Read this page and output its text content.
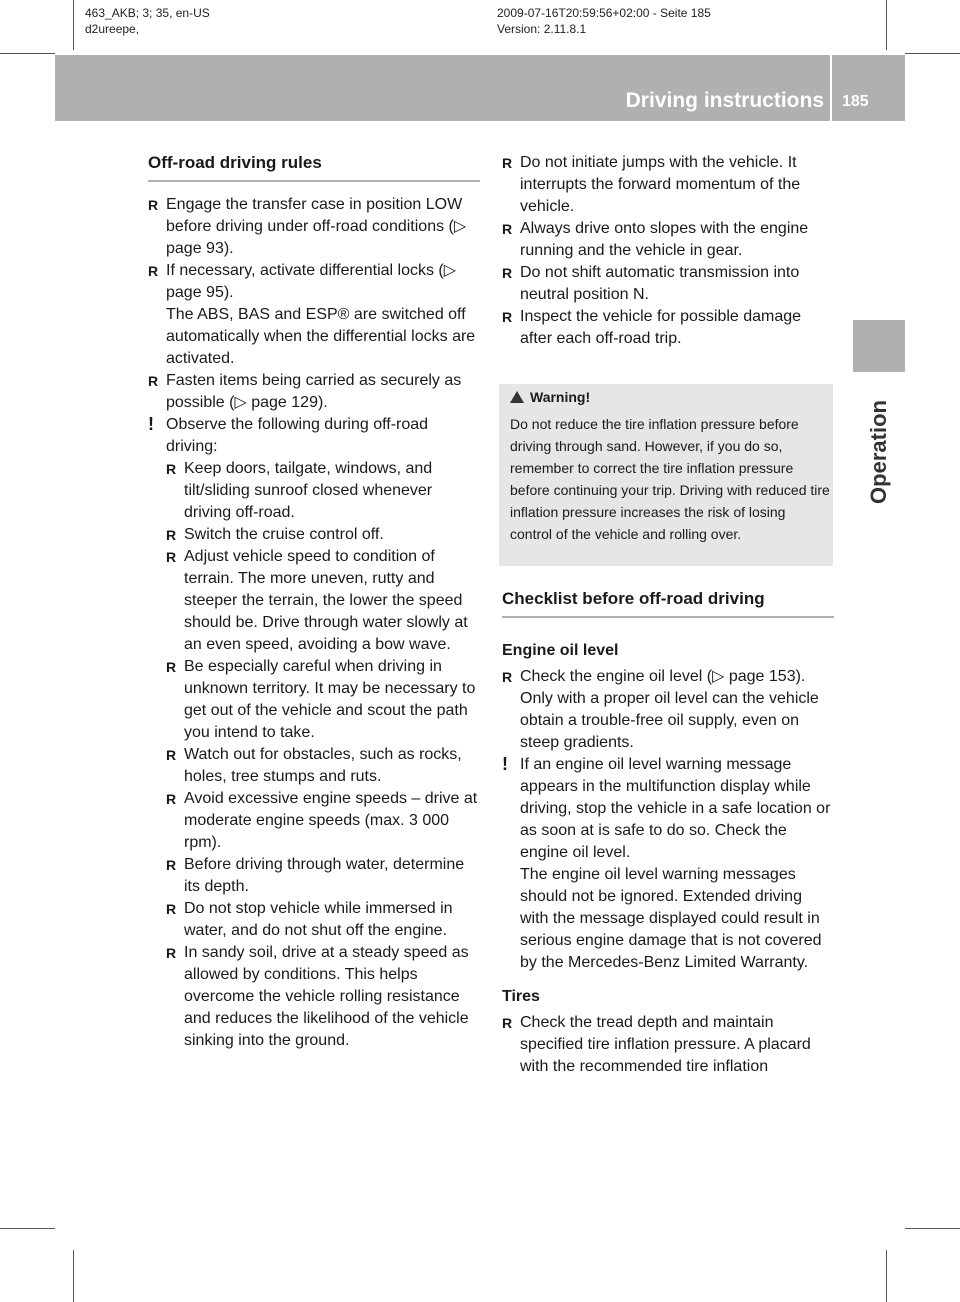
463_AKB; 3; 35, en-US
d2ureepe,
2009-07-16T20:59:56+02:00 - Seite 185
Version: 2.11.8.1
Driving instructions 185
Operation

Off-road driving rules

R Engage the transfer case in position LOW before driving under off-road conditions (▷ page 93).

R If necessary, activate differential locks (▷ page 95).

The ABS, BAS and ESP® are switched off automatically when the differential locks are activated.

R Fasten items being carried as securely as possible (▷ page 129).

! Observe the following during off-road driving:

R Keep doors, tailgate, windows, and tilt/sliding sunroof closed whenever driving off-road.

R Switch the cruise control off.

R Adjust vehicle speed to condition of terrain. The more uneven, rutty and steeper the terrain, the lower the speed should be. Drive through water slowly at an even speed, avoiding a bow wave.

R Be especially careful when driving in unknown territory. It may be necessary to get out of the vehicle and scout the path you intend to take.

R Watch out for obstacles, such as rocks, holes, tree stumps and ruts.

R Avoid excessive engine speeds – drive at moderate engine speeds (max. 3 000 rpm).

R Before driving through water, determine its depth.

R Do not stop vehicle while immersed in water, and do not shut off the engine.

R In sandy soil, drive at a steady speed as allowed by conditions. This helps overcome the vehicle rolling resistance and reduces the likelihood of the vehicle sinking into the ground.

R Do not initiate jumps with the vehicle. It interrupts the forward momentum of the vehicle.

R Always drive onto slopes with the engine running and the vehicle in gear.

R Do not shift automatic transmission into neutral position N.

R Inspect the vehicle for possible damage after each off-road trip.

Warning!
Do not reduce the tire inflation pressure before driving through sand. However, if you do so, remember to correct the tire inflation pressure before continuing your trip. Driving with reduced tire inflation pressure increases the risk of losing control of the vehicle and rolling over.

Checklist before off-road driving

Engine oil level

R Check the engine oil level (▷ page 153).

Only with a proper oil level can the vehicle obtain a trouble-free oil supply, even on steep gradients.

! If an engine oil level warning message appears in the multifunction display while driving, stop the vehicle in a safe location or as soon at is safe to do so. Check the engine oil level.

The engine oil level warning messages should not be ignored. Extended driving with the message displayed could result in serious engine damage that is not covered by the Mercedes-Benz Limited Warranty.

Tires

R Check the tread depth and maintain specified tire inflation pressure. A placard with the recommended tire inflation
